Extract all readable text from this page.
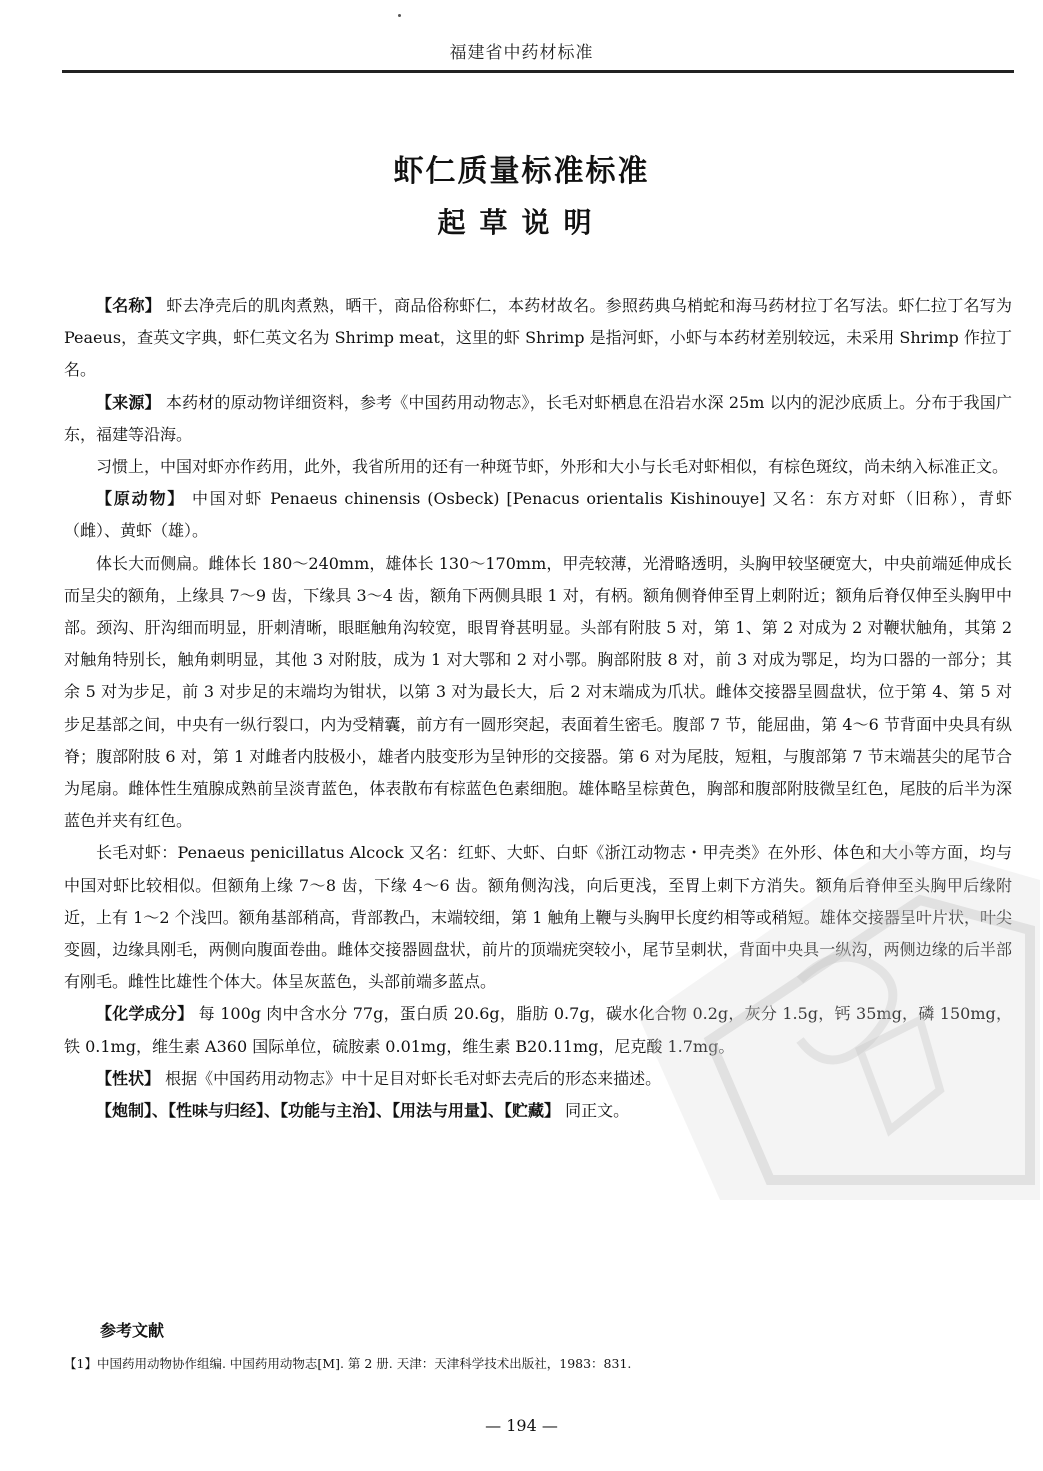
福建省中药材标准
虾仁质量标准标准
起草说明

【名称】 虾去净壳后的肌肉煮熟，晒干，商品俗称虾仁，本药材故名。参照药典乌梢蛇和海马药材拉丁名写法。虾仁拉丁名写为 Peaeus，查英文字典，虾仁英文名为 Shrimp meat，这里的虾 Shrimp 是指河虾，小虾与本药材差别较远，未采用 Shrimp 作拉丁名。

【来源】 本药材的原动物详细资料，参考《中国药用动物志》，长毛对虾栖息在沿岩水深 25m 以内的泥沙底质上。分布于我国广东，福建等沿海。

习惯上，中国对虾亦作药用，此外，我省所用的还有一种斑节虾，外形和大小与长毛对虾相似，有棕色斑纹，尚未纳入标准正文。

【原动物】 中国对虾 Penaeus chinensis (Osbeck) [Penacus orientalis Kishinouye] 又名：东方对虾（旧称），青虾（雌）、黄虾（雄）。

体长大而侧扁。雌体长 180～240mm，雄体长 130～170mm，甲壳较薄，光滑略透明，头胸甲较坚硬宽大，中央前端延伸成长而呈尖的额角，上缘具 7～9 齿，下缘具 3～4 齿，额角下两侧具眼 1 对，有柄。额角侧脊伸至胃上刺附近；额角后脊仅伸至头胸甲中部。颈沟、肝沟细而明显，肝刺清晰，眼眶触角沟较宽，眼胃脊甚明显。头部有附肢 5 对，第 1、第 2 对成为 2 对鞭状触角，其第 2 对触角特别长，触角刺明显，其他 3 对附肢，成为 1 对大鄂和 2 对小鄂。胸部附肢 8 对，前 3 对成为鄂足，均为口器的一部分；其余 5 对为步足，前 3 对步足的末端均为钳状，以第 3 对为最长大，后 2 对末端成为爪状。雌体交接器呈圆盘状，位于第 4、第 5 对步足基部之间，中央有一纵行裂口，内为受精囊，前方有一圆形突起，表面着生密毛。腹部 7 节，能屈曲，第 4～6 节背面中央具有纵脊；腹部附肢 6 对，第 1 对雌者内肢极小，雄者内肢变形为呈钟形的交接器。第 6 对为尾肢，短粗，与腹部第 7 节末端甚尖的尾节合为尾扇。雌体性生殖腺成熟前呈淡青蓝色，体表散布有棕蓝色色素细胞。雄体略呈棕黄色，胸部和腹部附肢微呈红色，尾肢的后半为深蓝色并夹有红色。

长毛对虾：Penaeus penicillatus Alcock 又名：红虾、大虾、白虾《浙江动物志・甲壳类》在外形、体色和大小等方面，均与中国对虾比较相似。但额角上缘 7～8 齿，下缘 4～6 齿。额角侧沟浅，向后更浅，至胃上刺下方消失。额角后脊伸至头胸甲后缘附近，上有 1～2 个浅凹。额角基部稍高，背部教凸，末端较细，第 1 触角上鞭与头胸甲长度约相等或稍短。雄体交接器呈叶片状，叶尖变圆，边缘具刚毛，两侧向腹面卷曲。雌体交接器圆盘状，前片的顶端疣突较小，尾节呈刺状，背面中央具一纵沟，两侧边缘的后半部有刚毛。雌性比雄性个体大。体呈灰蓝色，头部前端多蓝点。

【化学成分】 每 100g 肉中含水分 77g，蛋白质 20.6g，脂肪 0.7g，碳水化合物 0.2g，灰分 1.5g，钙 35mg，磷 150mg，铁 0.1mg，维生素 A360 国际单位，硫胺素 0.01mg，维生素 B20.11mg，尼克酸 1.7mg。

【性状】 根据《中国药用动物志》中十足目对虾长毛对虾去壳后的形态来描述。

【炮制】、【性味与归经】、【功能与主治】、【用法与用量】、【贮藏】 同正文。

参考文献
【1】中国药用动物协作组编. 中国药用动物志[M]. 第 2 册. 天津：天津科学技术出版社，1983：831.
— 194 —
